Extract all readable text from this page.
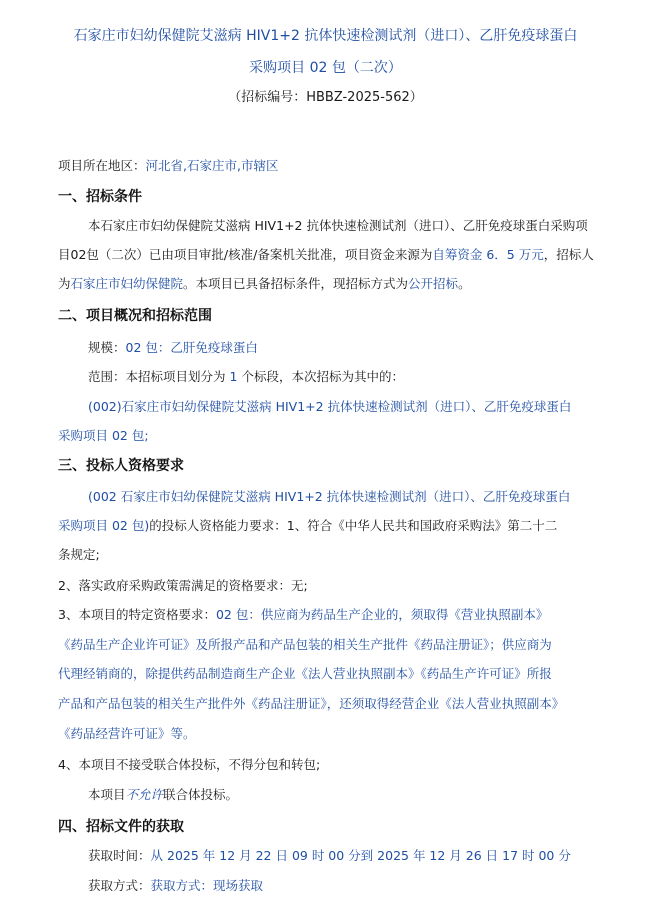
石家庄市妇幼保健院艾滋病 HIV1+2 抗体快速检测试剂（进口）、乙肝免疫球蛋白
采购项目 02 包（二次）
（招标编号：HBBZ-2025-562）
项目所在地区：河北省,石家庄市,市辖区
一、招标条件
本石家庄市妇幼保健院艾滋病 HIV1+2 抗体快速检测试剂（进口）、乙肝免疫球蛋白采购项目02包（二次）已由项目审批/核准/备案机关批准，项目资金来源为自筹资金 6．5 万元，招标人为石家庄市妇幼保健院。本项目已具备招标条件，现招标方式为公开招标。
二、项目概况和招标范围
规模：02 包：乙肝免疫球蛋白
范围：本招标项目划分为 1 个标段，本次招标为其中的：
(002)石家庄市妇幼保健院艾滋病 HIV1+2 抗体快速检测试剂（进口）、乙肝免疫球蛋白
采购项目 02 包;
三、投标人资格要求
(002 石家庄市妇幼保健院艾滋病 HIV1+2 抗体快速检测试剂（进口）、乙肝免疫球蛋白
采购项目 02 包)的投标人资格能力要求：1、符合《中华人民共和国政府采购法》第二十二
条规定;
2、落实政府采购政策需满足的资格要求：无;
3、本项目的特定资格要求：02 包：供应商为药品生产企业的，须取得《营业执照副本》
《药品生产企业许可证》及所报产品和产品包装的相关生产批件《药品注册证》；供应商为
代理经销商的，除提供药品制造商生产企业《法人营业执照副本》《药品生产许可证》所报
产品和产品包装的相关生产批件外《药品注册证》，还须取得经营企业《法人营业执照副本》
《药品经营许可证》等。
4、本项目不接受联合体投标，不得分包和转包;
本项目不允许联合体投标。
四、招标文件的获取
获取时间：从 2025 年 12 月 22 日 09 时 00 分到 2025 年 12 月 26 日 17 时 00 分
获取方式：获取方式：现场获取
